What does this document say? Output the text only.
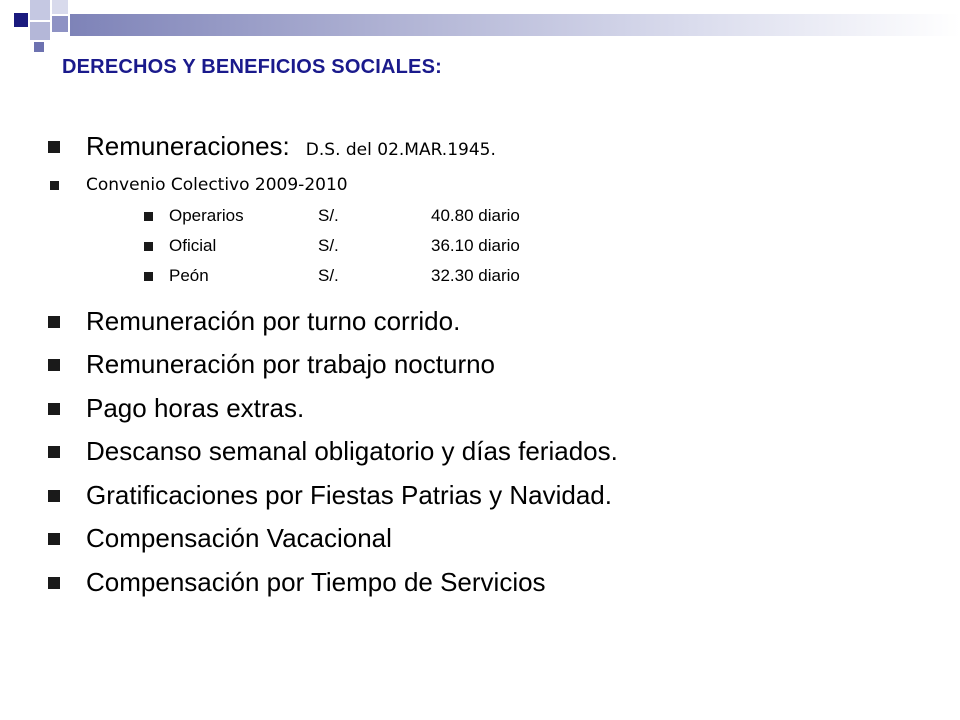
DERECHOS Y BENEFICIOS SOCIALES:
Remuneraciones: D.S. del 02.MAR.1945.
Convenio Colectivo 2009-2010
Operarios	S/.	40.80 diario
Oficial	S/.	36.10 diario
Peón	S/.	32.30 diario
Remuneración por turno corrido.
Remuneración por trabajo nocturno
Pago horas extras.
Descanso semanal obligatorio y días feriados.
Gratificaciones por Fiestas Patrias y Navidad.
Compensación Vacacional
Compensación por Tiempo de Servicios
